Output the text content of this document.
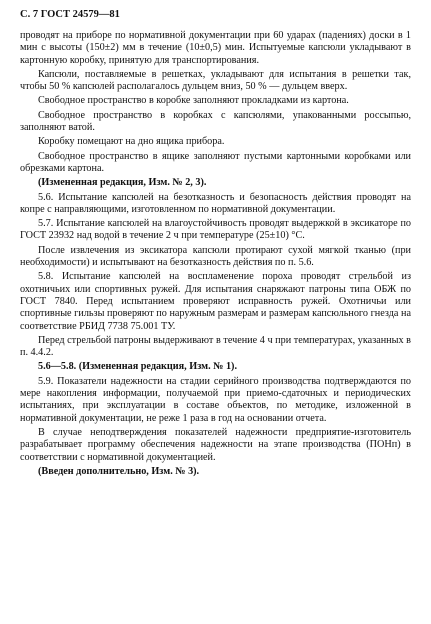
С. 7 ГОСТ 24579—81

проводят на приборе по нормативной документации при 60 ударах (падениях) доски в 1 мин с высоты (150±2) мм в течение (10±0,5) мин. Испытуемые капсюли укладывают в картонную коробку, принятую для транспортирования.

Капсюли, поставляемые в решетках, укладывают для испытания в решетки так, чтобы 50 % капсюлей располагалось дульцем вниз, 50 % — дульцем вверх.

Свободное пространство в коробке заполняют прокладками из картона.

Свободное пространство в коробках с капсюлями, упакованными россыпью, заполняют ватой.

Коробку помещают на дно ящика прибора.

Свободное пространство в ящике заполняют пустыми картонными коробками или обрезками картона.

(Измененная редакция, Изм. № 2, 3).

5.6. Испытание капсюлей на безотказность и безопасность действия проводят на копре с направляющими, изготовленном по нормативной документации.

5.7. Испытание капсюлей на влагоустойчивость проводят выдержкой в эксикаторе по ГОСТ 23932 над водой в течение 2 ч при температуре (25±10) °С.

После извлечения из эксикатора капсюли протирают сухой мягкой тканью (при необходимости) и испытывают на безотказность действия по п. 5.6.

5.8. Испытание капсюлей на воспламенение пороха проводят стрельбой из охотничьих или спортивных ружей. Для испытания снаряжают патроны типа ОБЖ по ГОСТ 7840. Перед испытанием проверяют исправность ружей. Охотничьи или спортивные гильзы проверяют по наружным размерам и размерам капсюльного гнезда на соответствие РБИД 7738 75.001 ТУ.

Перед стрельбой патроны выдерживают в течение 4 ч при температурах, указанных в п. 4.4.2.

5.6—5.8. (Измененная редакция, Изм. № 1).

5.9. Показатели надежности на стадии серийного производства подтверждаются по мере накопления информации, получаемой при приемо-сдаточных и периодических испытаниях, при эксплуатации в составе объектов, по методике, изложенной в нормативной документации, не реже 1 раза в год на основании отчета.

В случае неподтверждения показателей надежности предприятие-изготовитель разрабатывает программу обеспечения надежности на этапе производства (ПОНп) в соответствии с нормативной документацией.

(Введен дополнительно, Изм. № 3).
